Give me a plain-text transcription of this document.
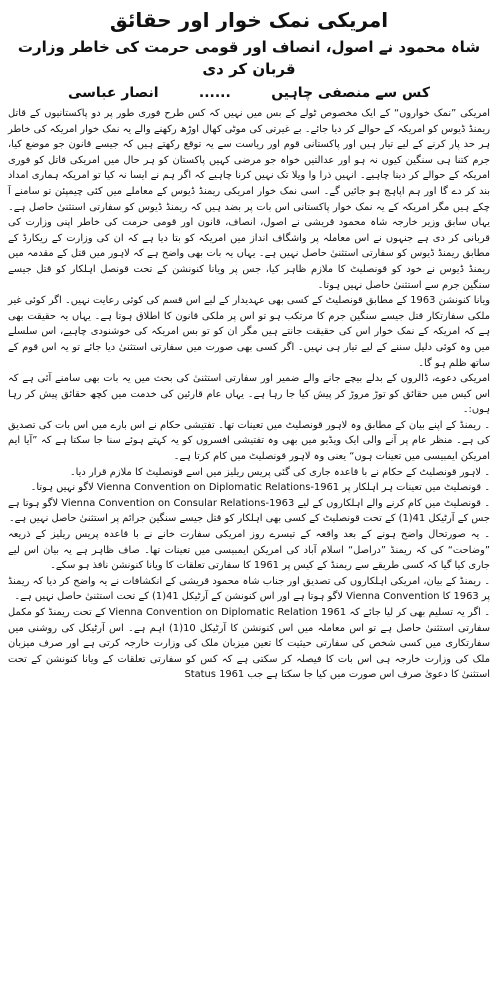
امریکی نمک خوار اور حقائق
شاہ محمود نے اصول، انصاف اور قومی حرمت کی خاطر وزارت قربان کر دی
کس سے منصفی چاہیں
......
انصار عباسی

امریکی ”نمک خواروں“ کے ایک مخصوص ٹولے کے بس میں نہیں کہ کس طرح فوری طور پر دو پاکستانیوں کے قاتل ریمنڈ ڈیوس کو امریکہ کے حوالے کر دیا جائے۔ بے غیرتی کی موٹی کھال اوڑھ رکھنے والے یہ نمک خوار امریکہ کی خاطر ہر حد پار کرنے کے لیے تیار ہیں اور پاکستانی قوم اور ریاست سے یہ توقع رکھتے ہیں کہ جیسے قانون جو موضع کیا، جرم کتنا ہی سنگین کیوں نہ ہو اور عدالتیں خواہ جو مرضی کہیں پاکستان کو ہر حال میں امریکی قاتل کو فوری امریکہ کے حوالے کر دینا چاہیے۔ انہیں ذرا وا ویلا تک نہیں کرنا چاہیے کہ اگر ہم نے ایسا نہ کیا تو امریکہ ہماری امداد بند کر دے گا اور ہم اپاہج ہو جائیں گے۔ اسی نمک خوار امریکی ریمنڈ ڈیوس کے معاملے میں کئی چیمپئن تو سامنے آ چکے ہیں مگر امریکہ کے یہ نمک خوار پاکستانی اس بات پر بضد ہیں کہ ریمنڈ ڈیوس کو سفارتی استثنیٰ حاصل ہے۔ یہاں سابق وزیر خارجہ شاہ محمود قریشی نے اصول، انصاف، قانون اور قومی حرمت کی خاطر اپنی وزارت کی قربانی کر دی ہے جنہوں نے اس معاملہ پر واشگاف انداز میں امریکہ کو بتا دیا ہے کہ ان کی وزارت کے ریکارڈ کے مطابق ریمنڈ ڈیوس کو سفارتی استثنیٰ حاصل نہیں ہے۔ یہاں یہ بات بھی واضح ہے کہ لاہور میں قتل کے مقدمہ میں ریمنڈ ڈیوس نے خود کو قونصلیٹ کا ملازم ظاہر کیا، جس پر ویانا کنونشن کے تحت قونصل اہلکار کو قتل جیسے سنگین جرم سے استثنیٰ حاصل نہیں ہوتا۔

ویانا کنونشن 1963 کے مطابق قونصلیٹ کے کسی بھی عہدیدار کے لیے اس قسم کی کوئی رعایت نہیں۔ اگر کوئی غیر ملکی سفارتکار قتل جیسے سنگین جرم کا مرتکب ہو تو اس پر ملکی قانون کا اطلاق ہوتا ہے۔ یہاں یہ حقیقت بھی ہے کہ امریکہ کے نمک خوار اس کی حقیقت جانتے ہیں مگر ان کو تو بس امریکہ کی خوشنودی چاہیے، اس سلسلے میں وہ کوئی دلیل سننے کے لیے تیار ہی نہیں۔ اگر کسی بھی صورت میں سفارتی استثنیٰ دیا جائے تو یہ اس قوم کے ساتھ ظلم ہو گا۔

امریکی دعوے، ڈالروں کے بدلے بیچے جانے والے ضمیر اور سفارتی استثنیٰ کی بحث میں یہ بات بھی سامنے آئی ہے کہ اس کیس میں حقائق کو توڑ مروڑ کر پیش کیا جا رہا ہے۔ یہاں عام قارئین کی خدمت میں کچھ حقائق پیش کر رہا ہوں:۔

۔ ریمنڈ کے اپنے بیان کے مطابق وہ لاہور قونصلیٹ میں تعینات تھا۔ تفتیشی حکام نے اس بارے میں اس بات کی تصدیق کی ہے۔ منظر عام پر آنے والی ایک ویڈیو میں بھی وہ تفتیشی افسروں کو یہ کہتے ہوئے سنا جا سکتا ہے کہ ”آیا ایم امریکن ایمبیسی میں تعینات ہوں“ یعنی وہ لاہور قونصلیٹ میں کام کرتا ہے۔

۔ لاہور قونصلیٹ کے حکام نے با قاعدہ جاری کی گئی پریس ریلیز میں اسے قونصلیٹ کا ملازم قرار دیا۔

۔ قونصلیٹ میں تعینات ہر اہلکار پر Vienna Convention on Diplomatic Relations-1961 لاگو نہیں ہوتا۔

۔ قونصلیٹ میں کام کرنے والے اہلکاروں کے لیے Vienna Convention on Consular Relations-1963 لاگو ہوتا ہے جس کے آرٹیکل 41(1) کے تحت قونصلیٹ کے کسی بھی اہلکار کو قتل جیسے سنگین جرائم پر استثنیٰ حاصل نہیں ہے۔

۔ یہ صورتحال واضح ہونے کے بعد واقعہ کے تیسرے روز امریکی سفارت خانے نے با قاعدہ پریس ریلیز کے ذریعہ ”وضاحت“ کی کہ ریمنڈ ”دراصل“ اسلام آباد کی امریکن ایمبیسی میں تعینات تھا۔ صاف ظاہر ہے یہ بیان اس لیے جاری کیا گیا کہ کسی طریقے سے ریمنڈ کے کیس پر 1961 کا سفارتی تعلقات کا ویانا کنونشن نافذ ہو سکے۔

۔ ریمنڈ کے بیان، امریکی اہلکاروں کی تصدیق اور جناب شاہ محمود قریشی کے انکشافات نے یہ واضح کر دیا کہ ریمنڈ پر 1963 کا Vienna Convention لاگو ہوتا ہے اور اس کنونشن کے آرٹیکل 41(1) کے تحت استثنیٰ حاصل نہیں ہے۔

۔ اگر یہ تسلیم بھی کر لیا جائے کہ Vienna Convention on Diplomatic Relation 1961 کے تحت ریمنڈ کو مکمل سفارتی استثنیٰ حاصل ہے تو اس معاملہ میں اس کنونشن کا آرٹیکل 10(1) اہم ہے۔ اس آرٹیکل کی روشنی میں سفارتکاری میں کسی شخص کی سفارتی حیثیت کا تعین میزبان ملک کی وزارت خارجہ کرتی ہے اور صرف میزبان ملک کی وزارت خارجہ ہی اس بات کا فیصلہ کر سکتی ہے کہ کس کو سفارتی تعلقات کے ویانا کنونشن کے تحت استثنیٰ کا دعویٰ صرف اس صورت میں کیا جا سکتا ہے جب 1961 Status
